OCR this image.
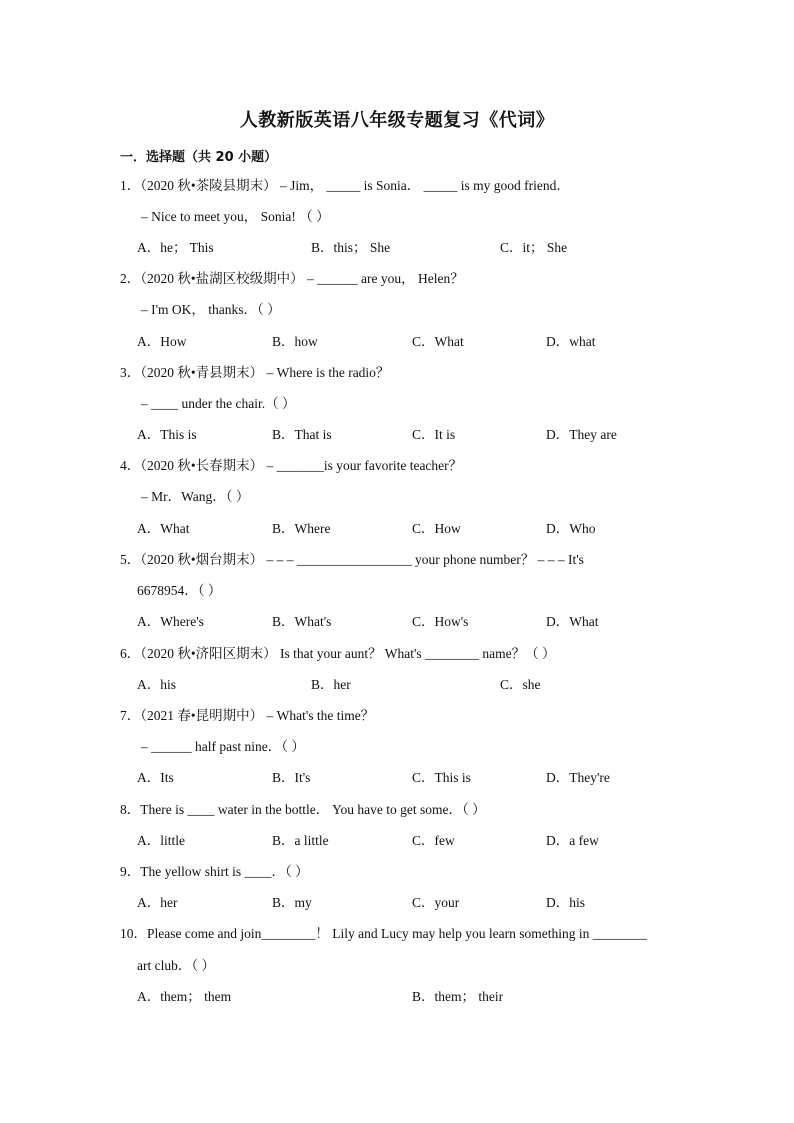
人教新版英语八年级专题复习《代词》
一．选择题（共 20 小题）
1．（2020 秋•茶陵县期末） – Jim， _____ is Sonia． _____ is my good friend．
– Nice to meet you， Sonia! （ ）
A．he； This	B．this； She	C．it； She
2．（2020 秋•盐湖区校级期中） – ______ are you， Helen？
– I'm OK， thanks．（ ）
A．How	B．how	C．What	D．what
3．（2020 秋•青县期末） – Where is the radio？
– ____ under the chair.（ ）
A．This is	B．That is	C．It is	D．They are
4．（2020 秋•长春期末） – _______is your favorite teacher？
– Mr．Wang．（ ）
A．What	B．Where	C．How	D．Who
5．（2020 秋•烟台期末） – – – _________________ your phone number？ – – – It's
6678954．（ ）
A．Where's	B．What's	C．How's	D．What
6．（2020 秋•济阳区期末） Is that your aunt？ What's ________ name？（ ）
A．his	B．her	C．she
7．（2021 春•昆明期中） – What's the time？
– ______ half past nine．（ ）
A．Its	B．It's	C．This is	D．They're
8．There is ____ water in the bottle． You have to get some．（ ）
A．little	B．a little	C．few	D．a few
9．The yellow shirt is ____．（ ）
A．her	B．my	C．your	D．his
10．Please come and join________！ Lily and Lucy may help you learn something in ________
art club．（ ）
A．them； them	B．them； their
